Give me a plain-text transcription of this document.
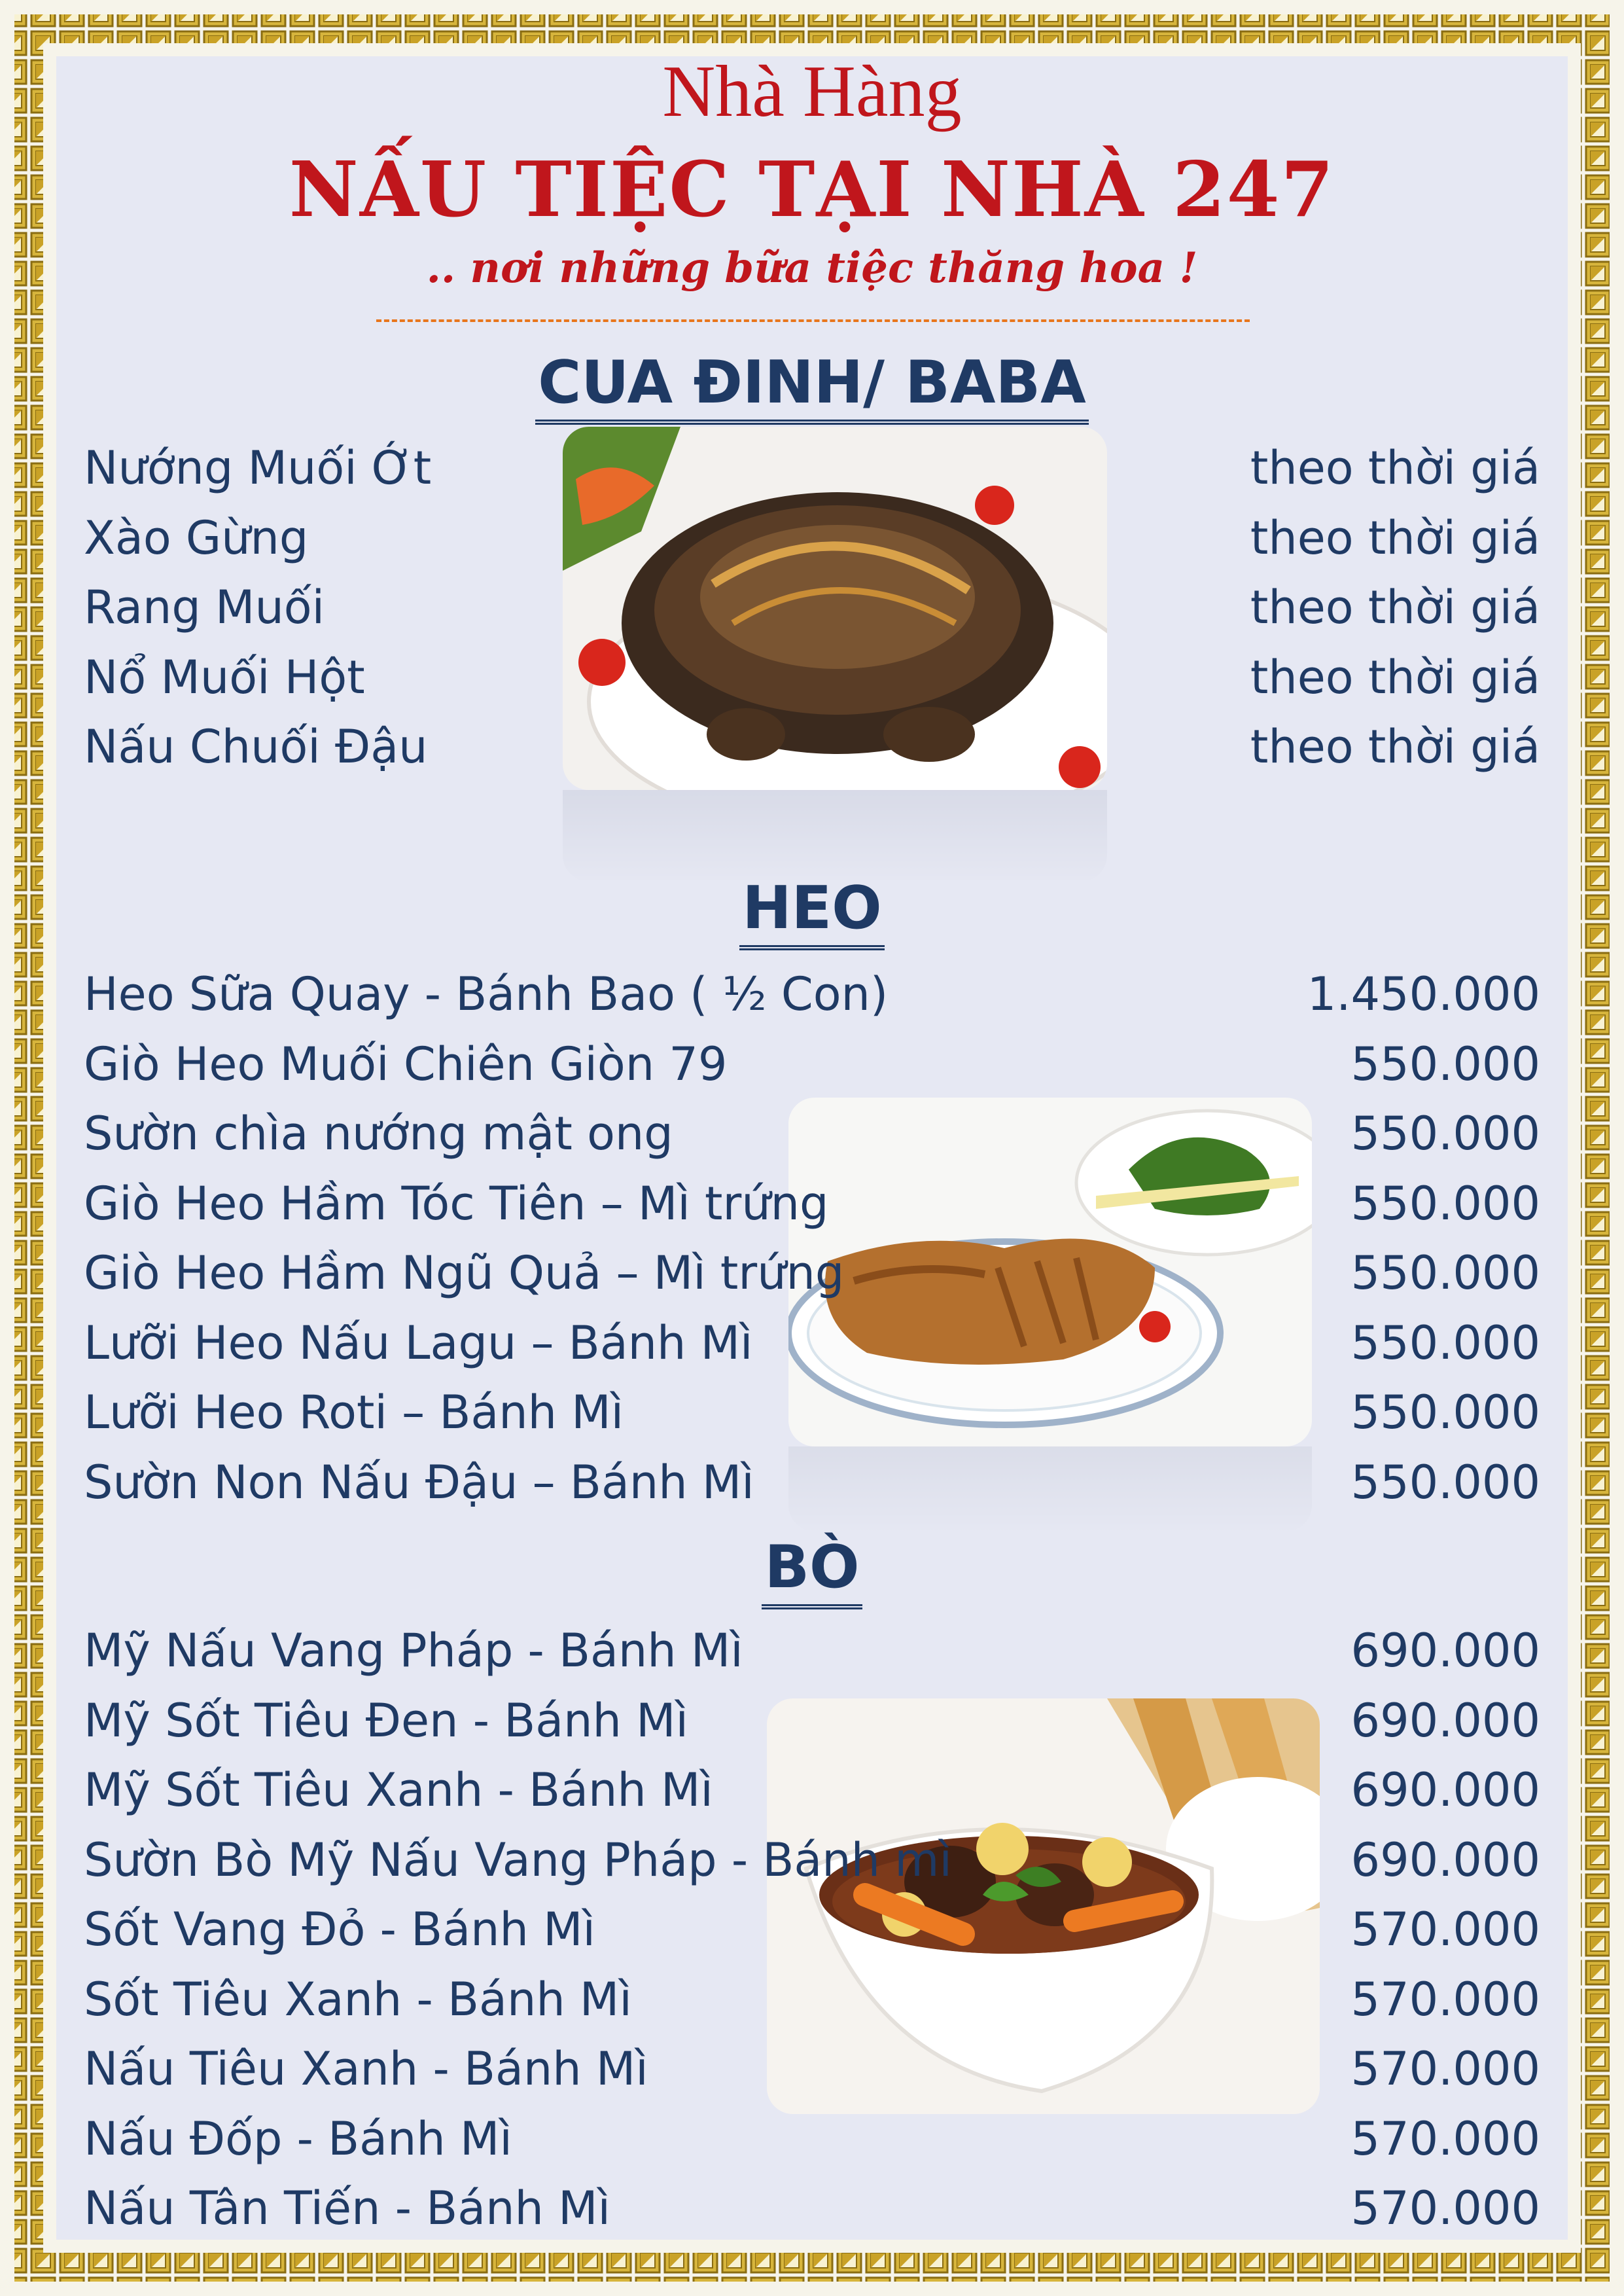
Nhà Hàng
NẤU TIỆC TẠI NHÀ 247
.. nơi những bữa tiệc thăng hoa !
CUA ĐINH/ BABA
Nướng Muối Ớt	theo thời giá
Xào Gừng	theo thời giá
Rang Muối	theo thời giá
Nổ Muối Hột	theo thời giá
Nấu Chuối Đậu	theo thời giá
HEO
Heo Sữa Quay - Bánh Bao ( ½ Con)	1.450.000
Giò Heo Muối Chiên Giòn 79	550.000
Sườn chìa nướng mật ong	550.000
Giò Heo Hầm Tóc Tiên – Mì trứng	550.000
Giò Heo Hầm Ngũ Quả – Mì trứng	550.000
Lưỡi Heo Nấu Lagu – Bánh Mì	550.000
Lưỡi Heo Roti – Bánh Mì	550.000
Sườn Non Nấu Đậu – Bánh Mì	550.000
BÒ
Mỹ Nấu Vang Pháp - Bánh Mì	690.000
Mỹ Sốt Tiêu Đen - Bánh Mì	690.000
Mỹ Sốt Tiêu Xanh - Bánh Mì	690.000
Sườn Bò Mỹ Nấu Vang Pháp - Bánh mì	690.000
Sốt Vang Đỏ - Bánh Mì	570.000
Sốt Tiêu Xanh - Bánh Mì	570.000
Nấu Tiêu Xanh - Bánh Mì	570.000
Nấu Đốp - Bánh Mì	570.000
Nấu Tân Tiến - Bánh Mì	570.000
